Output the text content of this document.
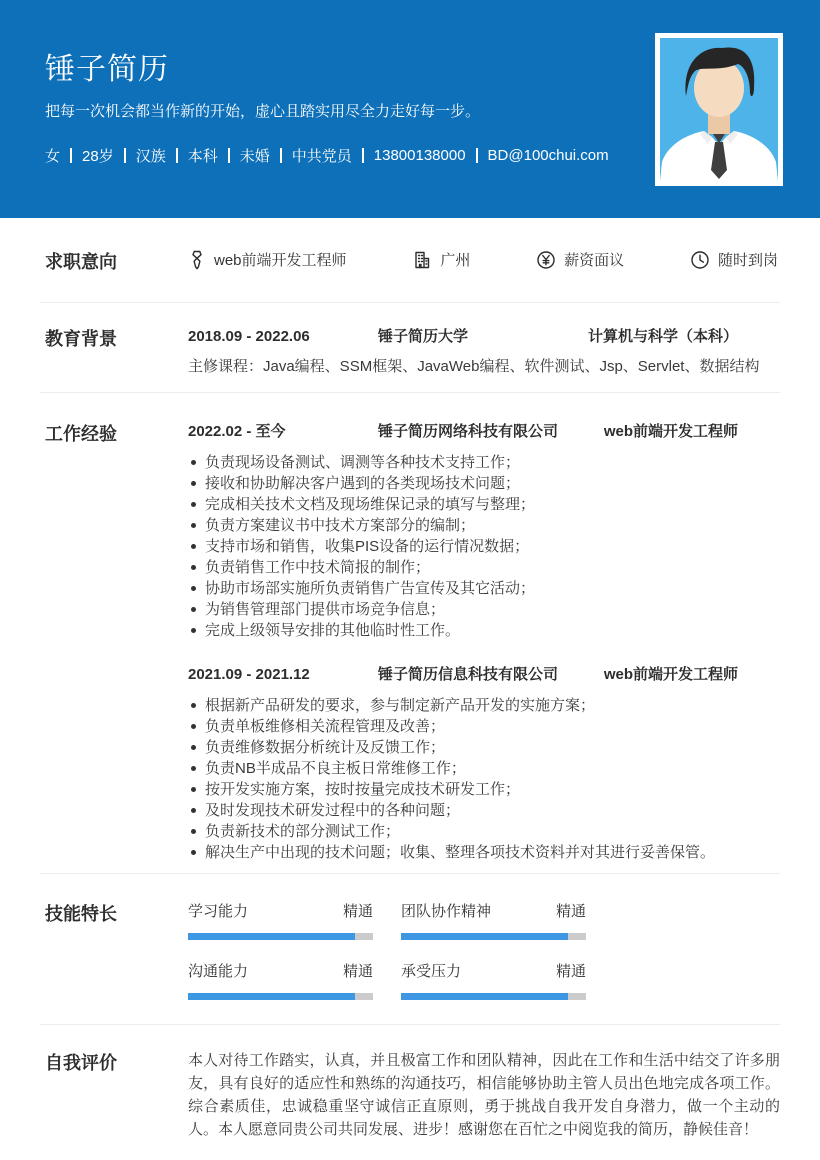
锤子简历
把每一次机会都当作新的开始，虚心且踏实用尽全力走好每一步。
女 28岁 汉族 本科 未婚 中共党员 13800138000 BD@100chui.com
求职意向	web前端开发工程师	广州	薪资面议	随时到岗
教育背景	2018.09 - 2022.06	锤子简历大学	计算机与科学（本科）
主修课程：Java编程、SSM框架、JavaWeb编程、软件测试、Jsp、Servlet、数据结构
工作经验	2022.02 - 至今	锤子简历网络科技有限公司	web前端开发工程师
负责现场设备测试、调测等各种技术支持工作；
接收和协助解决客户遇到的各类现场技术问题；
完成相关技术文档及现场维保记录的填写与整理；
负责方案建议书中技术方案部分的编制；
支持市场和销售，收集PIS设备的运行情况数据；
负责销售工作中技术简报的制作；
协助市场部实施所负责销售广告宣传及其它活动；
为销售管理部门提供市场竞争信息；
完成上级领导安排的其他临时性工作。
2021.09 - 2021.12	锤子简历信息科技有限公司	web前端开发工程师
根据新产品研发的要求，参与制定新产品开发的实施方案；
负责单板维修相关流程管理及改善；
负责维修数据分析统计及反馈工作；
负责NB半成品不良主板日常维修工作；
按开发实施方案，按时按量完成技术研发工作；
及时发现技术研发过程中的各种问题；
负责新技术的部分测试工作；
解决生产中出现的技术问题；收集、整理各项技术资料并对其进行妥善保管。
技能特长	学习能力	精通 团队协作精神	精通
沟通能力	精通 承受压力	精通
自我评价	本人对待工作踏实，认真，并且极富工作和团队精神，因此在工作和生活中结交了许多朋友，具有良好的适应性和熟练的沟通技巧，相信能够协助主管人员出色地完成各项工作。综合素质佳，忠诚稳重坚守诚信正直原则，勇于挑战自我开发自身潜力，做一个主动的人。本人愿意同贵公司共同发展、进步！感谢您在百忙之中阅览我的简历，静候佳音！
